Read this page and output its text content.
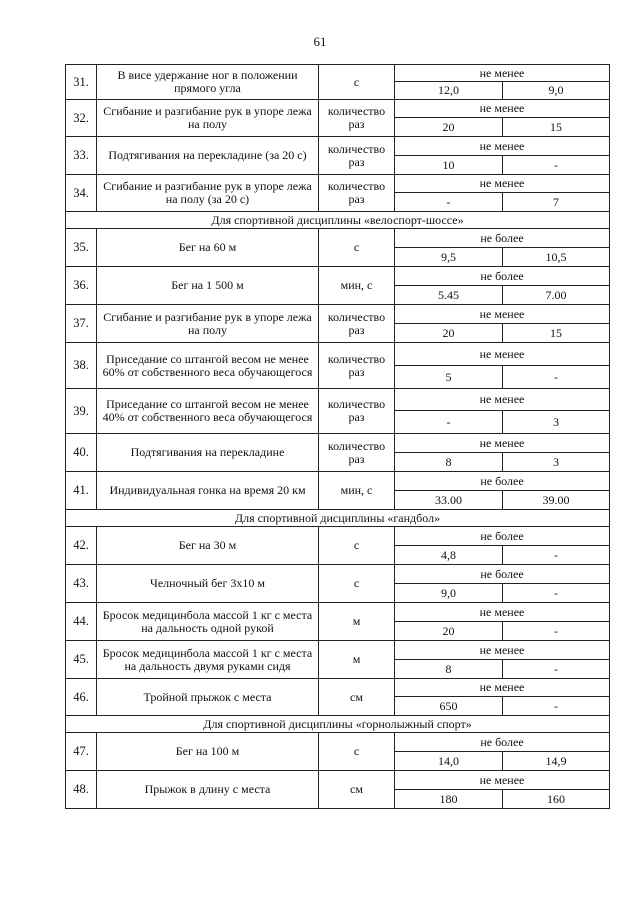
61
31.	В висе удержание ног в положении прямого угла	с	не менее	
			12,0	9,0
32.	Сгибание и разгибание рук в упоре лежа на полу	количество раз	не менее	
			20	15
33.	Подтягивания на перекладине (за 20 с)	количество раз	не менее	
			10	-
34.	Сгибание и разгибание рук в упоре лежа на полу (за 20 с)	количество раз	не менее	
			-	7
Для спортивной дисциплины «велоспорт-шоссе»				
35.	Бег на 60 м	с	не более	
			9,5	10,5
36.	Бег на 1 500 м	мин, с	не более	
			5.45	7.00
37.	Сгибание и разгибание рук в упоре лежа на полу	количество раз	не менее	
			20	15
38.	Приседание со штангой весом не менее 60% от собственного веса обучающегося	количество раз	не менее	
			5	-
39.	Приседание со штангой весом не менее 40% от собственного веса обучающегося	количество раз	не менее	
			-	3
40.	Подтягивания на перекладине	количество раз	не менее	
			8	3
41.	Индивидуальная гонка на время 20 км	мин, с	не более	
			33.00	39.00
Для спортивной дисциплины «гандбол»				
42.	Бег на 30 м	с	не более	
			4,8	-
43.	Челночный бег 3x10 м	с	не более	
			9,0	-
44.	Бросок медицинбола массой 1 кг с места на дальность одной рукой	м	не менее	
			20	-
45.	Бросок медицинбола массой 1 кг с места на дальность двумя руками сидя	м	не менее	
			8	-
46.	Тройной прыжок с места	см	не менее	
			650	-
Для спортивной дисциплины «горнолыжный спорт»				
47.	Бег на 100 м	с	не более	
			14,0	14,9
48.	Прыжок в длину с места	см	не менее	
			180	160
